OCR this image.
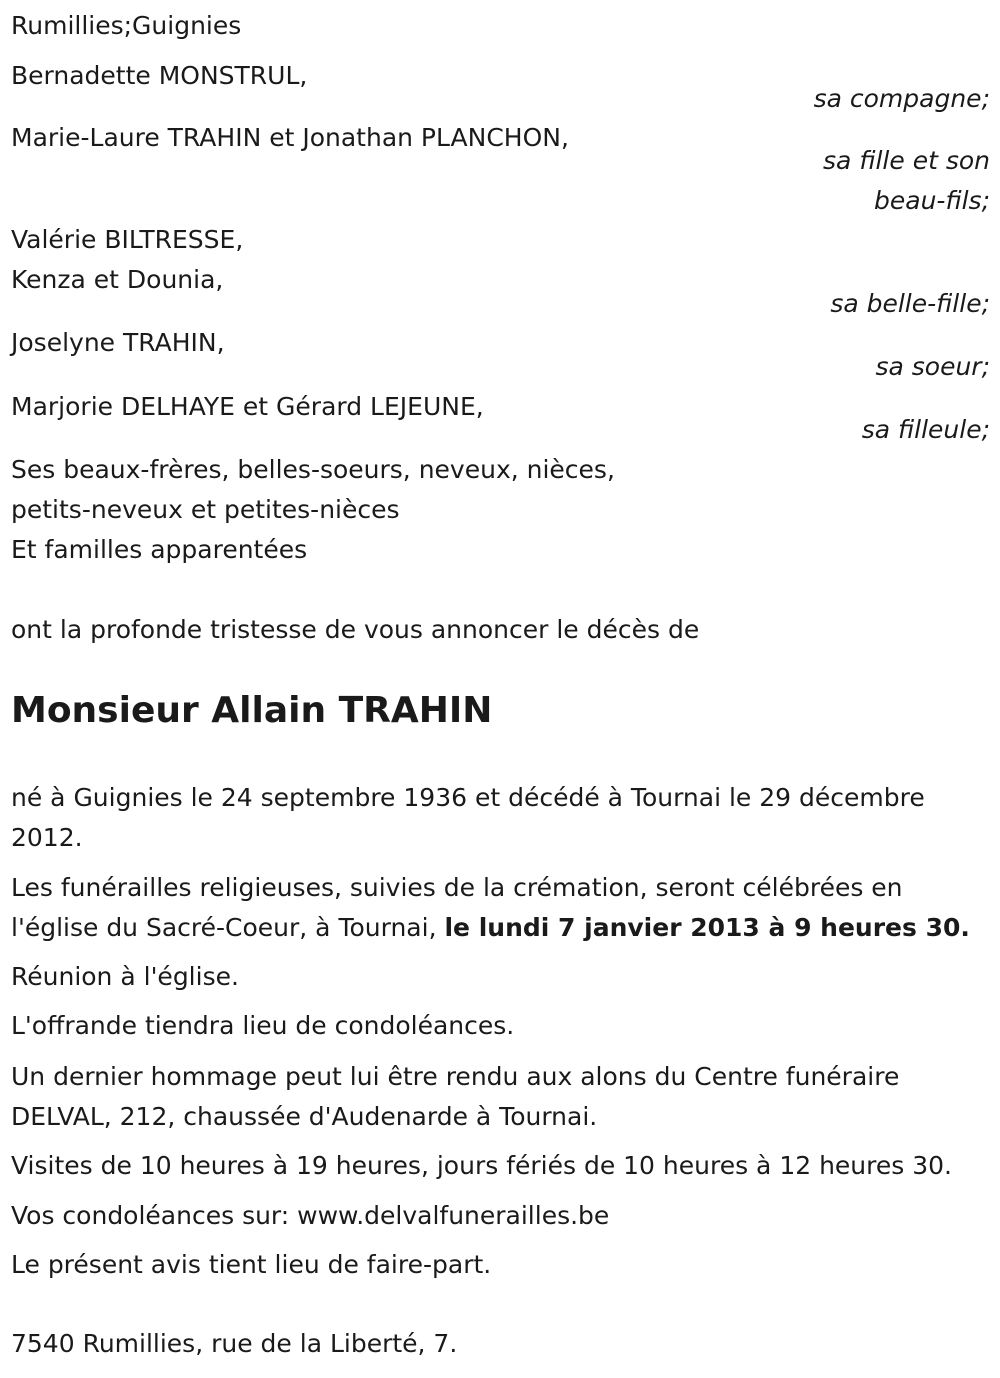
Rumillies;Guignies
Bernadette MONSTRUL,
sa compagne;
Marie-Laure TRAHIN et Jonathan PLANCHON,
sa fille et son
beau-fils;
Valérie BILTRESSE,
Kenza et Dounia,
sa belle-fille;
Joselyne TRAHIN,
sa soeur;
Marjorie DELHAYE et Gérard LEJEUNE,
sa filleule;
Ses beaux-frères, belles-soeurs, neveux, nièces,
petits-neveux et petites-nièces
Et familles apparentées
ont la profonde tristesse de vous annoncer le décès de
Monsieur Allain TRAHIN
né à Guignies le 24 septembre 1936 et décédé à Tournai le 29 décembre
2012.
Les funérailles religieuses, suivies de la crémation, seront célébrées en
l'église du Sacré-Coeur, à Tournai, le lundi 7 janvier 2013 à 9 heures 30.
Réunion à l'église.
L'offrande tiendra lieu de condoléances.
Un dernier hommage peut lui être rendu aux alons du Centre funéraire
DELVAL, 212, chaussée d'Audenarde à Tournai.
Visites de 10 heures à 19 heures, jours fériés de 10 heures à 12 heures 30.
Vos condoléances sur: www.delvalfunerailles.be
Le présent avis tient lieu de faire-part.
7540 Rumillies, rue de la Liberté, 7.
